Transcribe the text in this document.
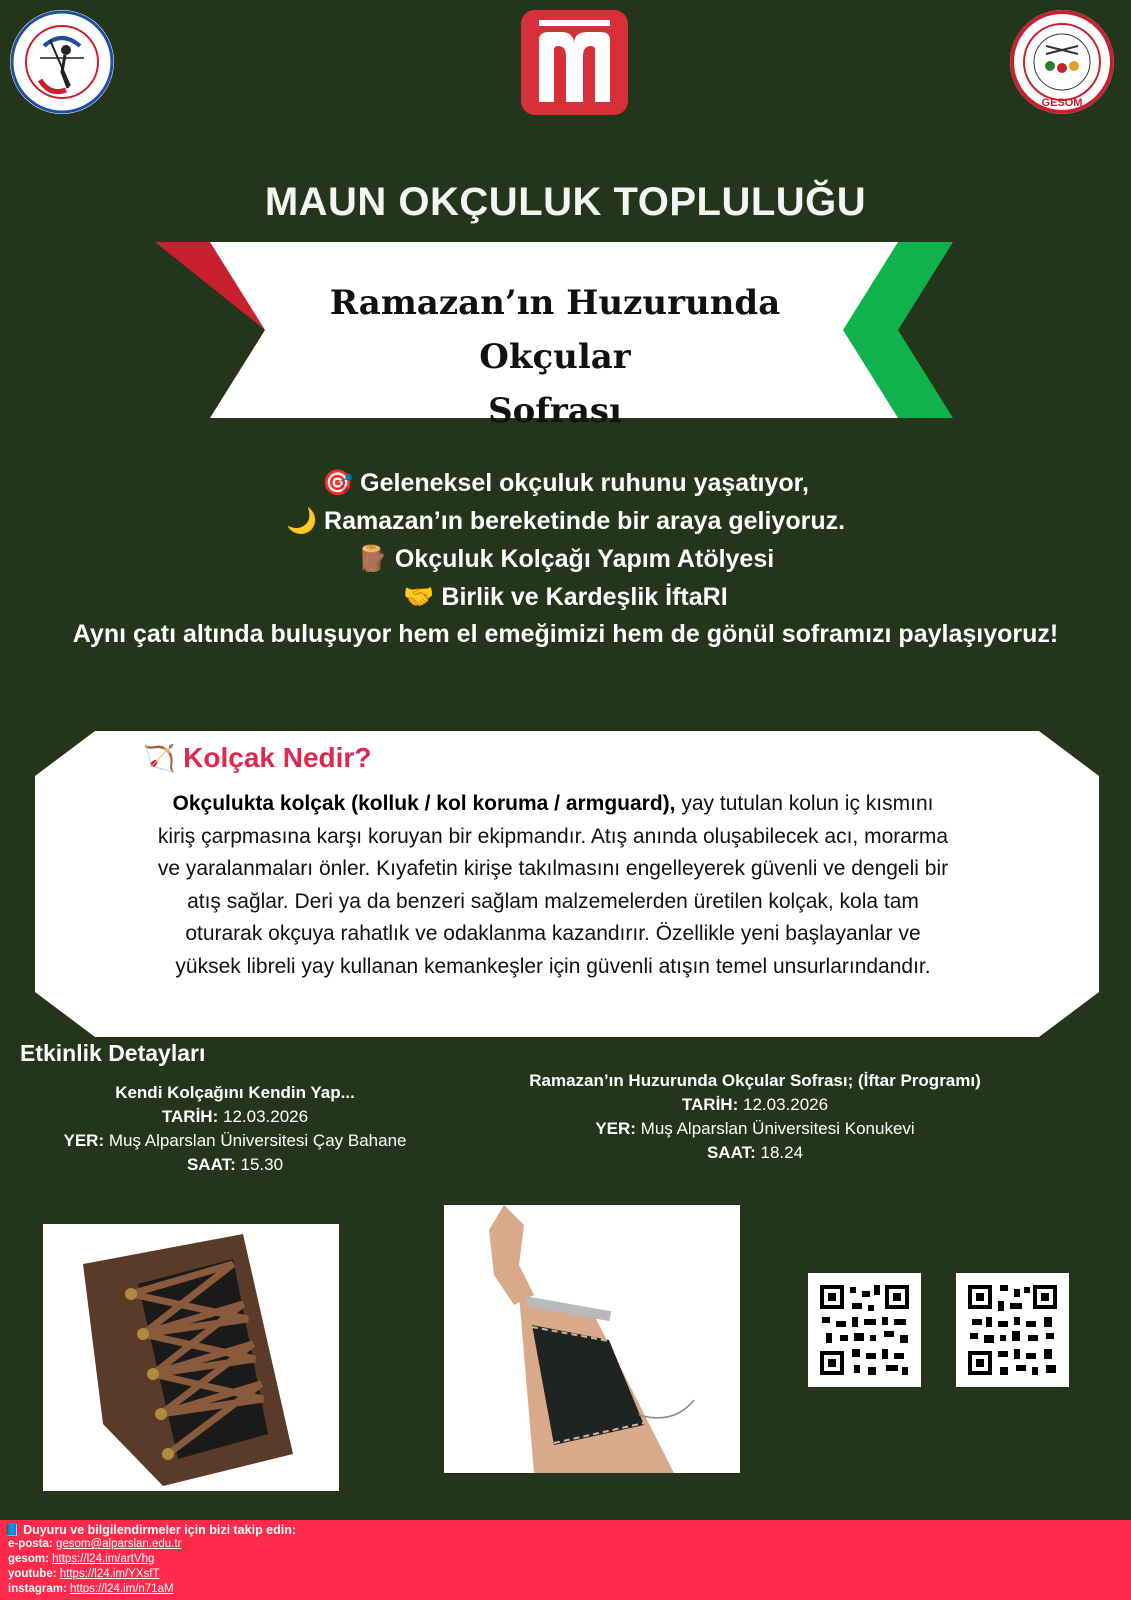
GESOM
MAUN OKÇULUK TOPLULUĞU
Ramazan’ın Huzurunda Okçular
Sofrası
🎯 Geleneksel okçuluk ruhunu yaşatıyor,
🌙 Ramazan’ın bereketinde bir araya geliyoruz.
🪵 Okçuluk Kolçağı Yapım Atölyesi
🤝 Birlik ve Kardeşlik İftaRI
Aynı çatı altında buluşuyor hem el emeğimizi hem de gönül soframızı paylaşıyoruz!
🏹 Kolçak Nedir?
Okçulukta kolçak (kolluk / kol koruma / armguard), yay tutulan kolun iç kısmını
kiriş çarpmasına karşı koruyan bir ekipmandır. Atış anında oluşabilecek acı, morarma
ve yaralanmaları önler. Kıyafetin kirişe takılmasını engelleyerek güvenli ve dengeli bir
atış sağlar. Deri ya da benzeri sağlam malzemelerden üretilen kolçak, kola tam
oturarak okçuya rahatlık ve odaklanma kazandırır. Özellikle yeni başlayanlar ve
yüksek libreli yay kullanan kemankeşler için güvenli atışın temel unsurlarındandır.
Etkinlik Detayları
Kendi Kolçağını Kendin Yap...
TARİH: 12.03.2026
YER: Muş Alparslan Üniversitesi Çay Bahane
SAAT: 15.30
Ramazan’ın Huzurunda Okçular Sofrası; (İftar Programı)
TARİH: 12.03.2026
YER: Muş Alparslan Üniversitesi Konukevi
SAAT: 18.24
📘 Duyuru ve bilgilendirmeler için bizi takip edin:
e-posta: gesom@alparslan.edu.tr
gesom: https://l24.im/artVhg
youtube: https://l24.im/YXsfT
instagram: https://l24.im/n71aM
